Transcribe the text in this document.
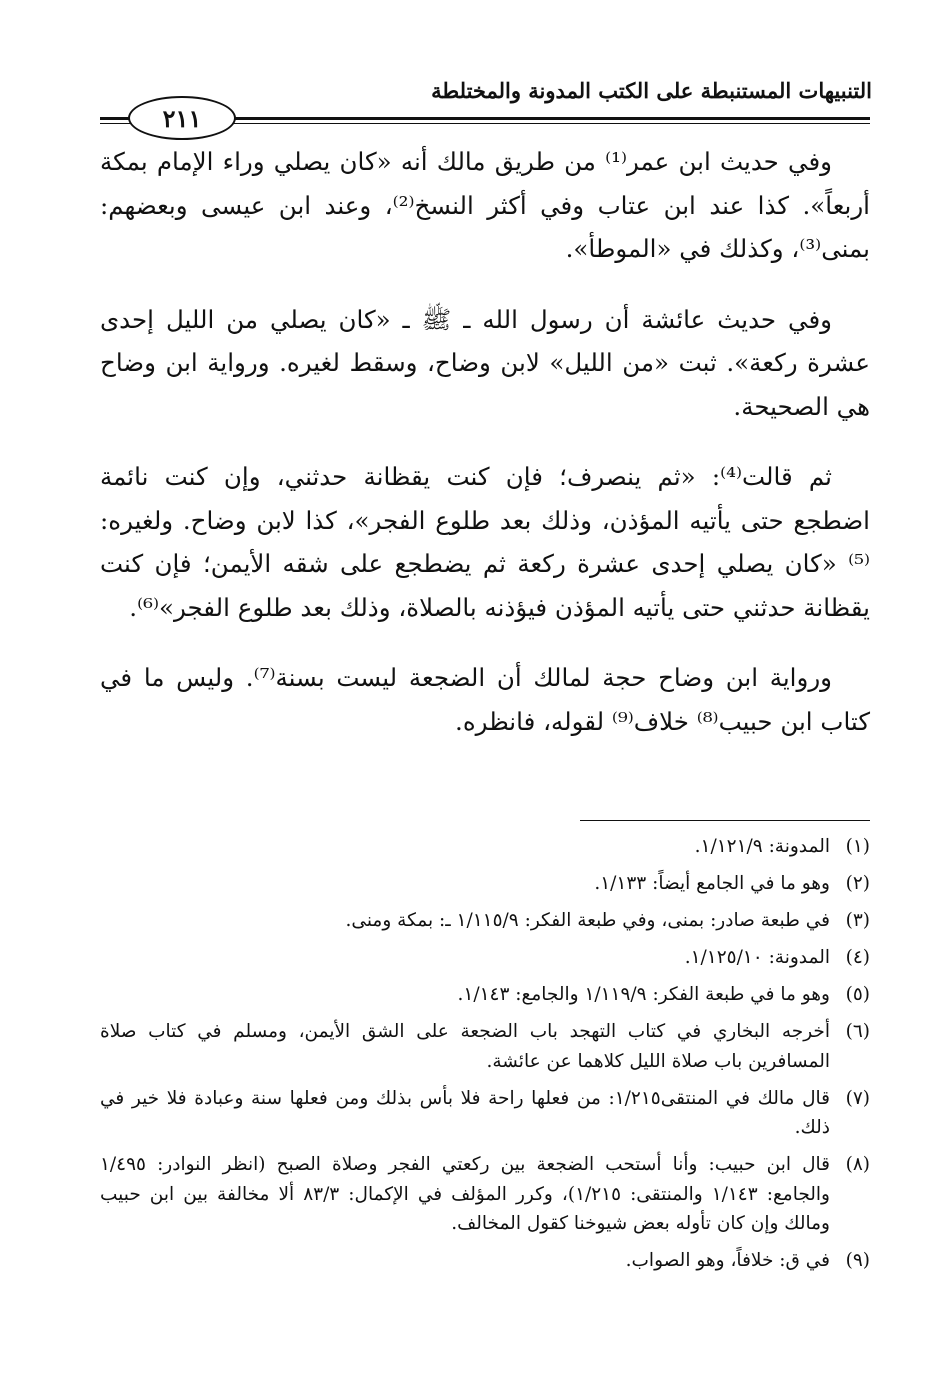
التنبيهات المستنبطة على الكتب المدونة والمختلطة
٢١١

وفي حديث ابن عمر⁽¹⁾ من طريق مالك أنه «كان يصلي وراء الإمام بمكة أربعاً». كذا عند ابن عتاب وفي أكثر النسخ⁽²⁾، وعند ابن عيسى وبعضهم: بمنى⁽³⁾، وكذلك في «الموطأ».

وفي حديث عائشة أن رسول الله ـ ﷺ ـ «كان يصلي من الليل إحدى عشرة ركعة». ثبت «من الليل» لابن وضاح، وسقط لغيره. ورواية ابن وضاح هي الصحيحة.

ثم قالت⁽⁴⁾: «ثم ينصرف؛ فإن كنت يقظانة حدثني، وإن كنت نائمة اضطجع حتى يأتيه المؤذن، وذلك بعد طلوع الفجر»، كذا لابن وضاح. ولغيره:⁽⁵⁾ «كان يصلي إحدى عشرة ركعة ثم يضطجع على شقه الأيمن؛ فإن كنت يقظانة حدثني حتى يأتيه المؤذن فيؤذنه بالصلاة، وذلك بعد طلوع الفجر»⁽⁶⁾.

ورواية ابن وضاح حجة لمالك أن الضجعة ليست بسنة⁽⁷⁾. وليس ما في كتاب ابن حبيب⁽⁸⁾ خلاف⁽⁹⁾ لقوله، فانظره.

(١)
المدونة: ١/١٢١/٩.
(٢)
وهو ما في الجامع أيضاً: ١/١٣٣.
(٣)
في طبعة صادر: بمنى، وفي طبعة الفكر: ١/١١٥/٩ ـ: بمكة ومنى.
(٤)
المدونة: ١/١٢٥/١٠.
(٥)
وهو ما في طبعة الفكر: ١/١١٩/٩ والجامع: ١/١٤٣.
(٦)
أخرجه البخاري في كتاب التهجد باب الضجعة على الشق الأيمن، ومسلم في كتاب صلاة المسافرين باب صلاة الليل كلاهما عن عائشة.
(٧)
قال مالك في المنتقى١/٢١٥: من فعلها راحة فلا بأس بذلك ومن فعلها سنة وعبادة فلا خير في ذلك.
(٨)
قال ابن حبيب: وأنا أستحب الضجعة بين ركعتي الفجر وصلاة الصبح (انظر النوادر: ١/٤٩٥ والجامع: ١/١٤٣ والمنتقى: ١/٢١٥)، وكرر المؤلف في الإكمال: ٨٣/٣ ألا مخالفة بين ابن حبيب ومالك وإن كان تأوله بعض شيوخنا كقول المخالف.
(٩)
في ق: خلافاً، وهو الصواب.
